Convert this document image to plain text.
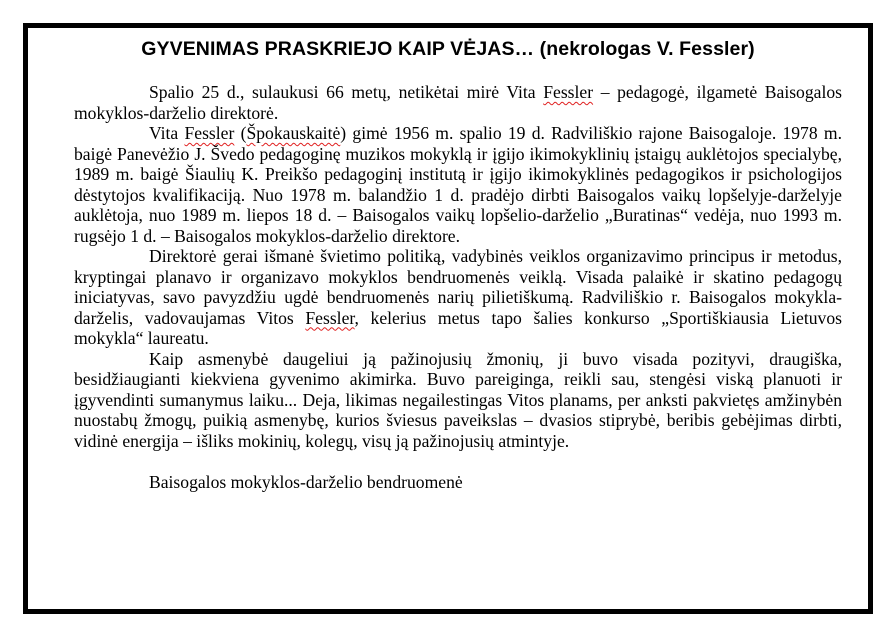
GYVENIMAS PRASKRIEJO KAIP VĖJAS… (nekrologas V. Fessler)

Spalio 25 d., sulaukusi 66 metų, netikėtai mirė Vita Fessler – pedagogė, ilgametė Baisogalos mokyklos-darželio direktorė.

Vita Fessler (Špokauskaitė) gimė 1956 m. spalio 19 d. Radviliškio rajone Baisogaloje. 1978 m. baigė Panevėžio J. Švedo pedagoginę muzikos mokyklą ir įgijo ikimokyklinių įstaigų auklėtojos specialybę, 1989 m. baigė Šiaulių K. Preikšo pedagoginį institutą ir įgijo ikimokyklinės pedagogikos ir psichologijos dėstytojos kvalifikaciją. Nuo 1978 m. balandžio 1 d. pradėjo dirbti Baisogalos vaikų lopšelyje-darželyje auklėtoja, nuo 1989 m. liepos 18 d. – Baisogalos vaikų lopšelio-darželio „Buratinas“ vedėja, nuo 1993 m. rugsėjo 1 d. – Baisogalos mokyklos-darželio direktore.

Direktorė gerai išmanė švietimo politiką, vadybinės veiklos organizavimo principus ir metodus, kryptingai planavo ir organizavo mokyklos bendruomenės veiklą. Visada palaikė ir skatino pedagogų iniciatyvas, savo pavyzdžiu ugdė bendruomenės narių pilietiškumą. Radviliškio r. Baisogalos mokykla-darželis, vadovaujamas Vitos Fessler, kelerius metus tapo šalies konkurso „Sportiškiausia Lietuvos mokykla“ laureatu.

Kaip asmenybė daugeliui ją pažinojusių žmonių, ji buvo visada pozityvi, draugiška, besidžiaugianti kiekviena gyvenimo akimirka. Buvo pareiginga, reikli sau, stengėsi viską planuoti ir įgyvendinti sumanymus laiku... Deja, likimas negailestingas Vitos planams, per anksti pakvietęs amžinybėn nuostabų žmogų, puikią asmenybę, kurios šviesus paveikslas – dvasios stiprybė, beribis gebėjimas dirbti, vidinė energija – išliks mokinių, kolegų, visų ją pažinojusių atmintyje.

Baisogalos mokyklos-darželio bendruomenė
